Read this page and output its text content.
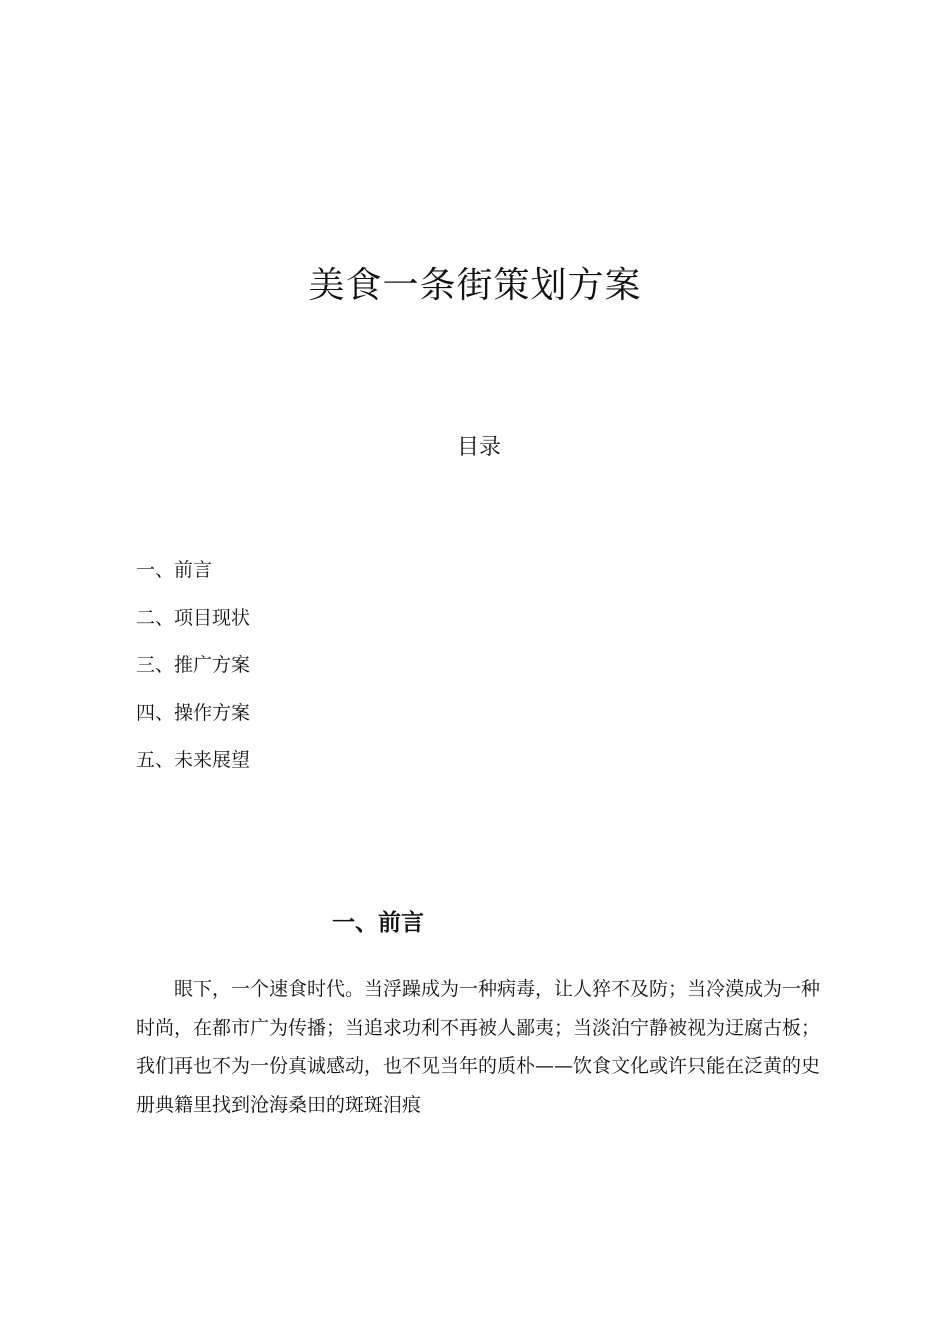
美食一条街策划方案
目录
一、前言
二、项目现状
三、推广方案
四、操作方案
五、未来展望
一、前言

眼下，一个速食时代。当浮躁成为一种病毒，让人猝不及防；当冷漠成为一种时尚，在都市广为传播；当追求功利不再被人鄙夷；当淡泊宁静被视为迂腐古板；我们再也不为一份真诚感动，也不见当年的质朴——饮食文化或许只能在泛黄的史册典籍里找到沧海桑田的斑斑泪痕
